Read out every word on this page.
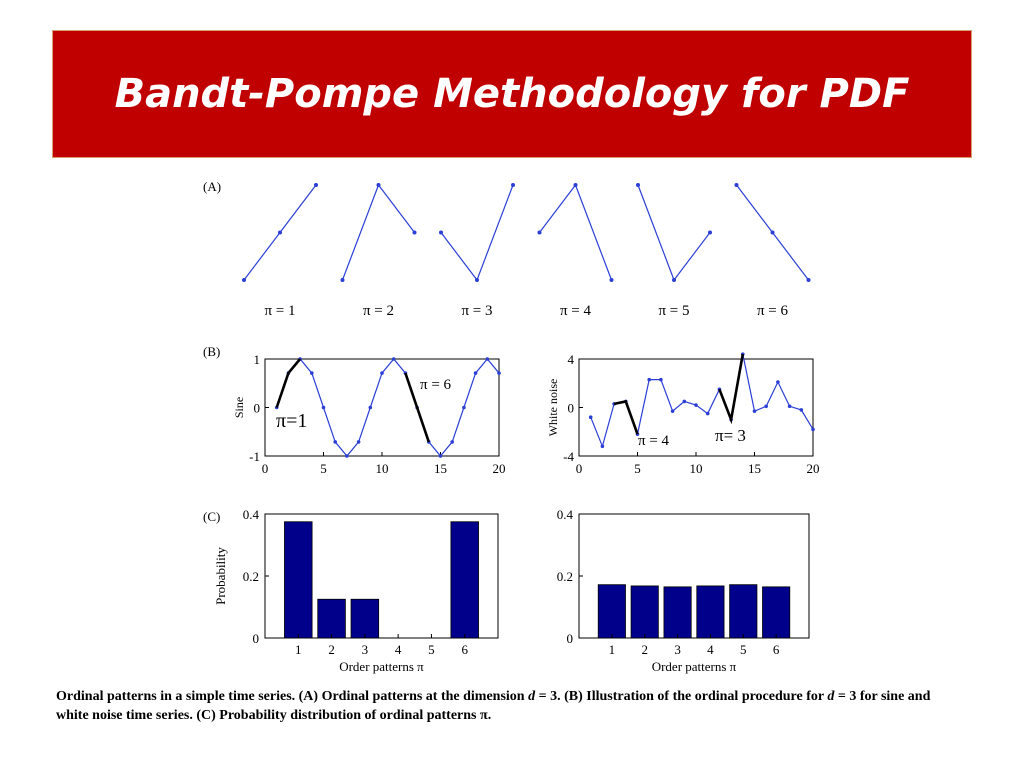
Bandt-Pompe Methodology for PDF
(A)
π = 1	π = 2	π = 3	π = 4	π = 5	π = 6
(B)
0	5	10	15	20
-1
0
1
Sine
π=1
π = 6
0	5	10	15	20
-4
0
4
White noise
π = 4	π= 3
(C)
0
0.2
0.4
1 2 3 4 5 6
Order patterns π
Probability
0
0.2
0.4
1 2 3 4 5 6
Order patterns π
Ordinal patterns in a simple time series. (A) Ordinal patterns at the dimension d = 3. (B) Illustration of the ordinal procedure for d = 3 for sine and white noise time series. (C) Probability distribution of ordinal patterns π.
